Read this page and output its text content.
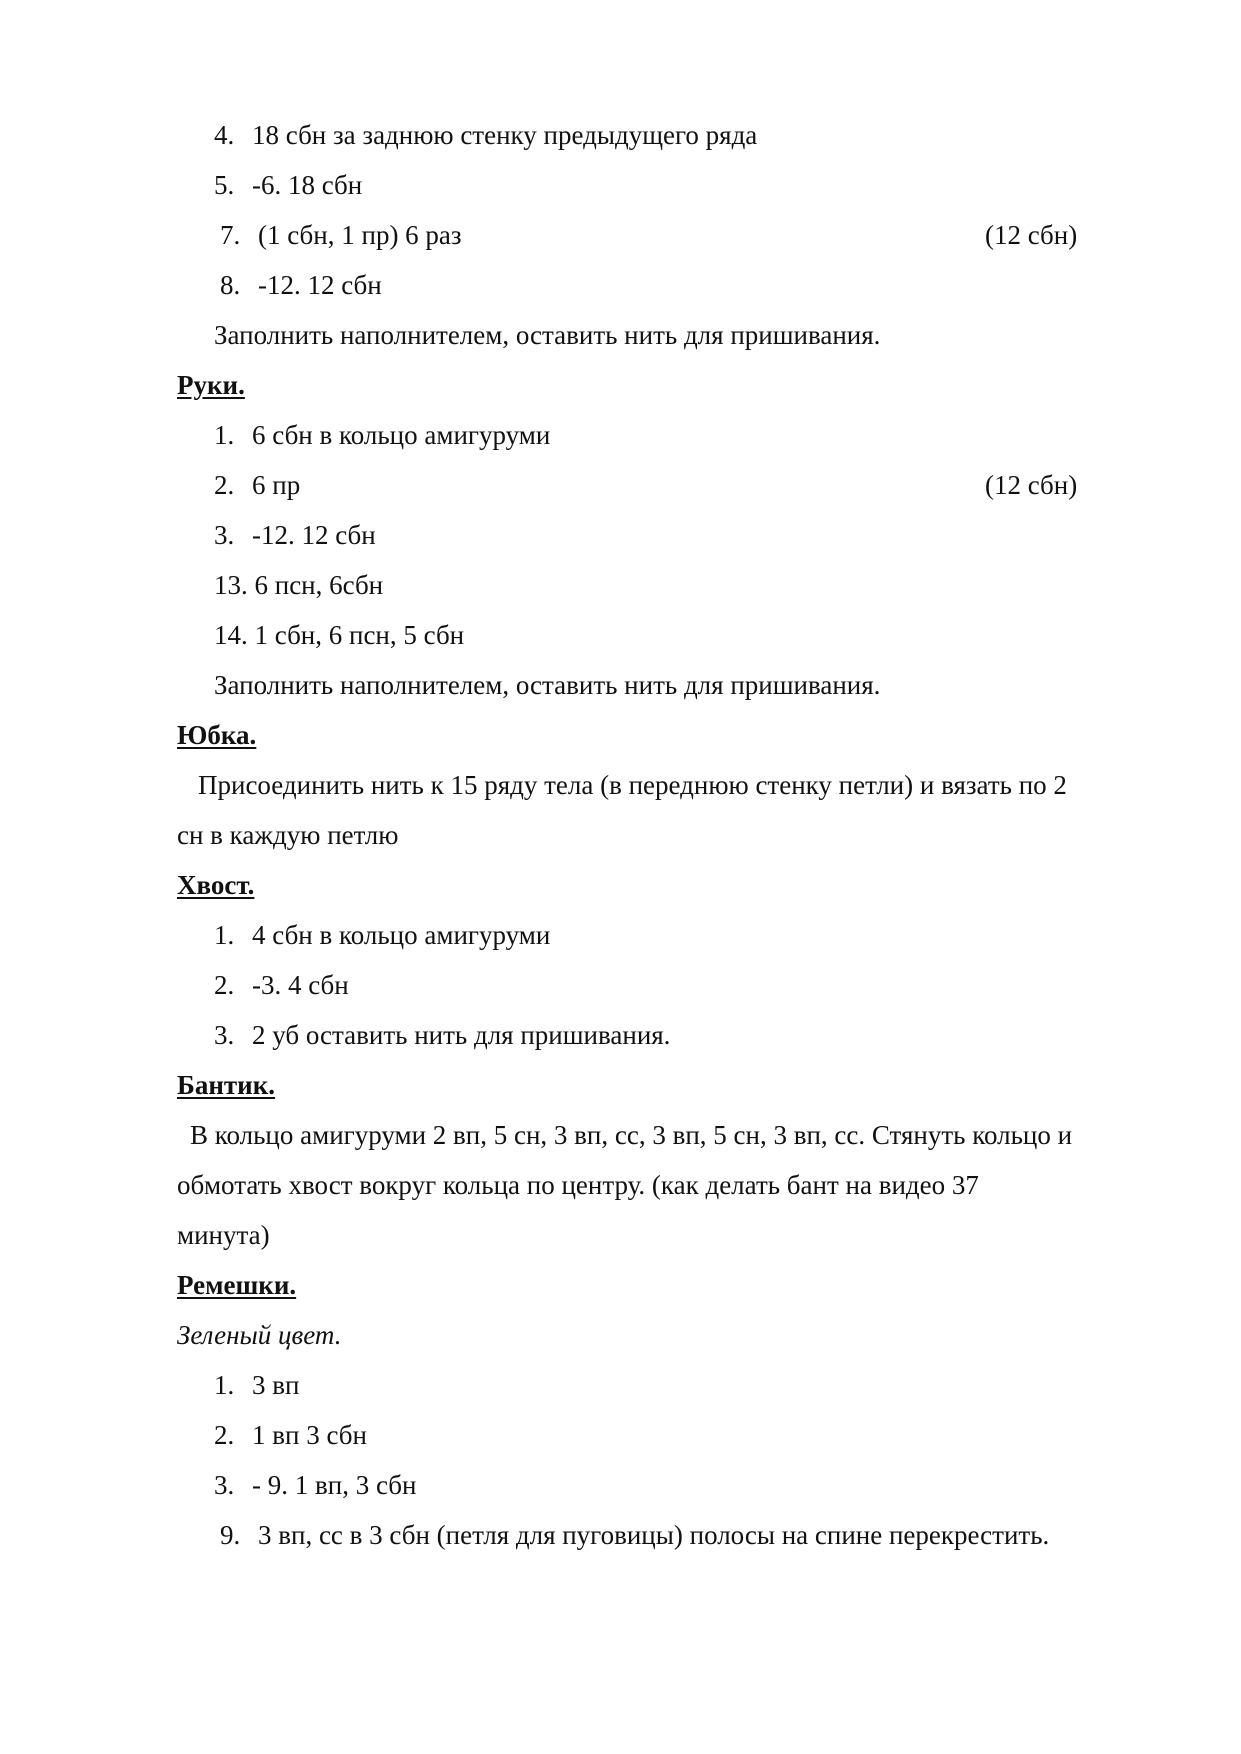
4. 18 сбн за заднюю стенку предыдущего ряда
5. -6. 18 сбн
7. (1 сбн, 1 пр) 6 раз	(12 сбн)
8. -12. 12 сбн
Заполнить наполнителем, оставить нить для пришивания.
Руки.
1. 6 сбн в кольцо амигуруми
2. 6 пр	(12 сбн)
3. -12. 12 сбн
13. 6 псн, 6сбн
14. 1 сбн, 6 псн, 5 сбн
Заполнить наполнителем, оставить нить для пришивания.
Юбка.
Присоединить нить к 15 ряду тела (в переднюю стенку петли) и вязать по 2
сн в каждую петлю
Хвост.
1. 4 сбн в кольцо амигуруми
2. -3. 4 сбн
3. 2 уб оставить нить для пришивания.
Бантик.
В кольцо амигуруми 2 вп, 5 сн, 3 вп, сс, 3 вп, 5 сн, 3 вп, сс. Стянуть кольцо и
обмотать хвост вокруг кольца по центру. (как делать бант на видео 37
минута)
Ремешки.
Зеленый цвет.
1. 3 вп
2. 1 вп 3 сбн
3. - 9. 1 вп, 3 сбн
9. 3 вп, сс в 3 сбн (петля для пуговицы) полосы на спине перекрестить.
